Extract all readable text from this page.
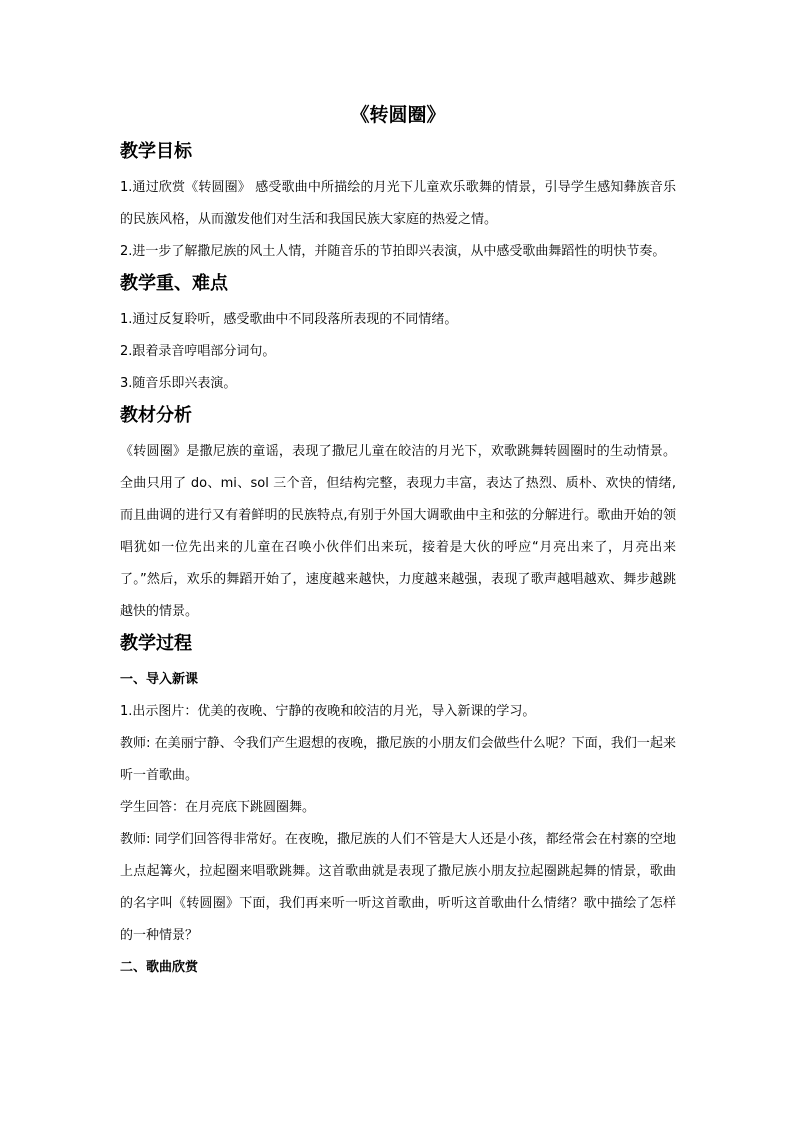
《转圆圈》
教学目标

1.通过欣赏《转圆圈》 感受歌曲中所描绘的月光下儿童欢乐歌舞的情景，引导学生感知彝族音乐的民族风格，从而激发他们对生活和我国民族大家庭的热爱之情。

2.进一步了解撒尼族的风土人情，并随音乐的节拍即兴表演，从中感受歌曲舞蹈性的明快节奏。

教学重、难点

1.通过反复聆听，感受歌曲中不同段落所表现的不同情绪。

2.跟着录音哼唱部分词句。

3.随音乐即兴表演。

教材分析

《转圆圈》是撒尼族的童谣，表现了撒尼儿童在皎洁的月光下，欢歌跳舞转圆圈时的生动情景。全曲只用了 do、mi、sol 三个音，但结构完整，表现力丰富，表达了热烈、质朴、欢快的情绪,而且曲调的进行又有着鲜明的民族特点,有别于外国大调歌曲中主和弦的分解进行。歌曲开始的领唱犹如一位先出来的儿童在召唤小伙伴们出来玩，接着是大伙的呼应“月亮出来了，月亮出来了。”然后，欢乐的舞蹈开始了，速度越来越快，力度越来越强，表现了歌声越唱越欢、舞步越跳越快的情景。

教学过程
一、导入新课

1.出示图片：优美的夜晚、宁静的夜晚和皎洁的月光，导入新课的学习。

教师: 在美丽宁静、令我们产生遐想的夜晚，撒尼族的小朋友们会做些什么呢？下面，我们一起来听一首歌曲。

学生回答：在月亮底下跳圆圈舞。

教师: 同学们回答得非常好。在夜晚，撒尼族的人们不管是大人还是小孩，都经常会在村寨的空地上点起篝火，拉起圈来唱歌跳舞。这首歌曲就是表现了撒尼族小朋友拉起圈跳起舞的情景，歌曲的名字叫《转圆圈》下面，我们再来听一听这首歌曲，听听这首歌曲什么情绪？歌中描绘了怎样的一种情景？

二、歌曲欣赏
